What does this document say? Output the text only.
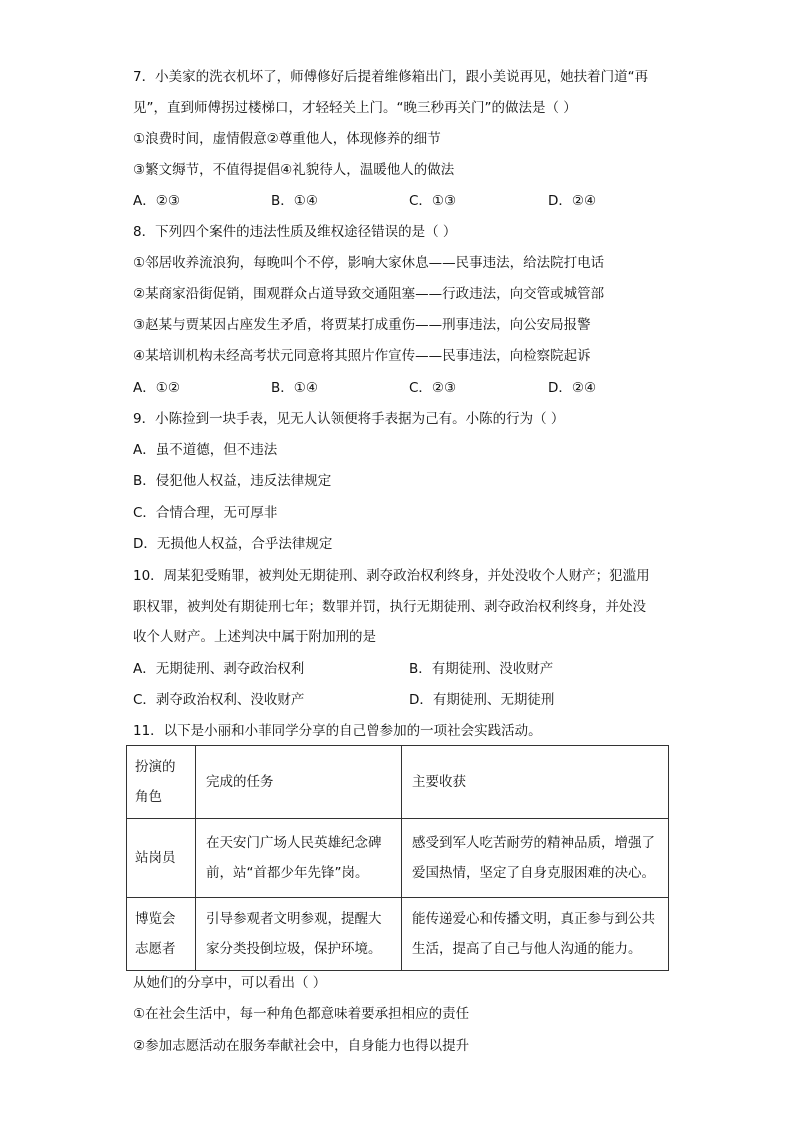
7．小美家的洗衣机坏了，师傅修好后提着维修箱出门，跟小美说再见，她扶着门道“再
见”，直到师傅拐过楼梯口，才轻轻关上门。“晚三秒再关门”的做法是（ ）
①浪费时间，虚情假意②尊重他人，体现修养的细节
③繁文缛节，不值得提倡④礼貌待人，温暖他人的做法
A．②③	B．①④	C．①③	D．②④
8．下列四个案件的违法性质及维权途径错误的是（ ）
①邻居收养流浪狗，每晚叫个不停，影响大家休息——民事违法，给法院打电话
②某商家沿街促销，围观群众占道导致交通阻塞——行政违法，向交管或城管部
③赵某与贾某因占座发生矛盾，将贾某打成重伤——刑事违法，向公安局报警
④某培训机构未经高考状元同意将其照片作宣传——民事违法，向检察院起诉
A．①②	B．①④	C．②③	D．②④
9．小陈捡到一块手表，见无人认领便将手表据为己有。小陈的行为（ ）
A．虽不道德，但不违法
B．侵犯他人权益，违反法律规定
C．合情合理，无可厚非
D．无损他人权益，合乎法律规定
10．周某犯受贿罪，被判处无期徒刑、剥夺政治权利终身，并处没收个人财产；犯滥用
职权罪，被判处有期徒刑七年；数罪并罚，执行无期徒刑、剥夺政治权利终身，并处没
收个人财产。上述判决中属于附加刑的是
A．无期徒刑、剥夺政治权利	B．有期徒刑、没收财产
C．剥夺政治权利、没收财产	D．有期徒刑、无期徒刑
11．以下是小丽和小菲同学分享的自己曾参加的一项社会实践活动。
扮演的角色	完成的任务	主要收获
站岗员	在天安门广场人民英雄纪念碑前，站“首都少年先锋”岗。	感受到军人吃苦耐劳的精神品质，增强了爱国热情，坚定了自身克服困难的决心。
博览会志愿者	引导参观者文明参观，提醒大家分类投倒垃圾，保护环境。	能传递爱心和传播文明，真正参与到公共生活，提高了自己与他人沟通的能力。
从她们的分享中，可以看出（ ）
①在社会生活中，每一种角色都意味着要承担相应的责任
②参加志愿活动在服务奉献社会中，自身能力也得以提升
